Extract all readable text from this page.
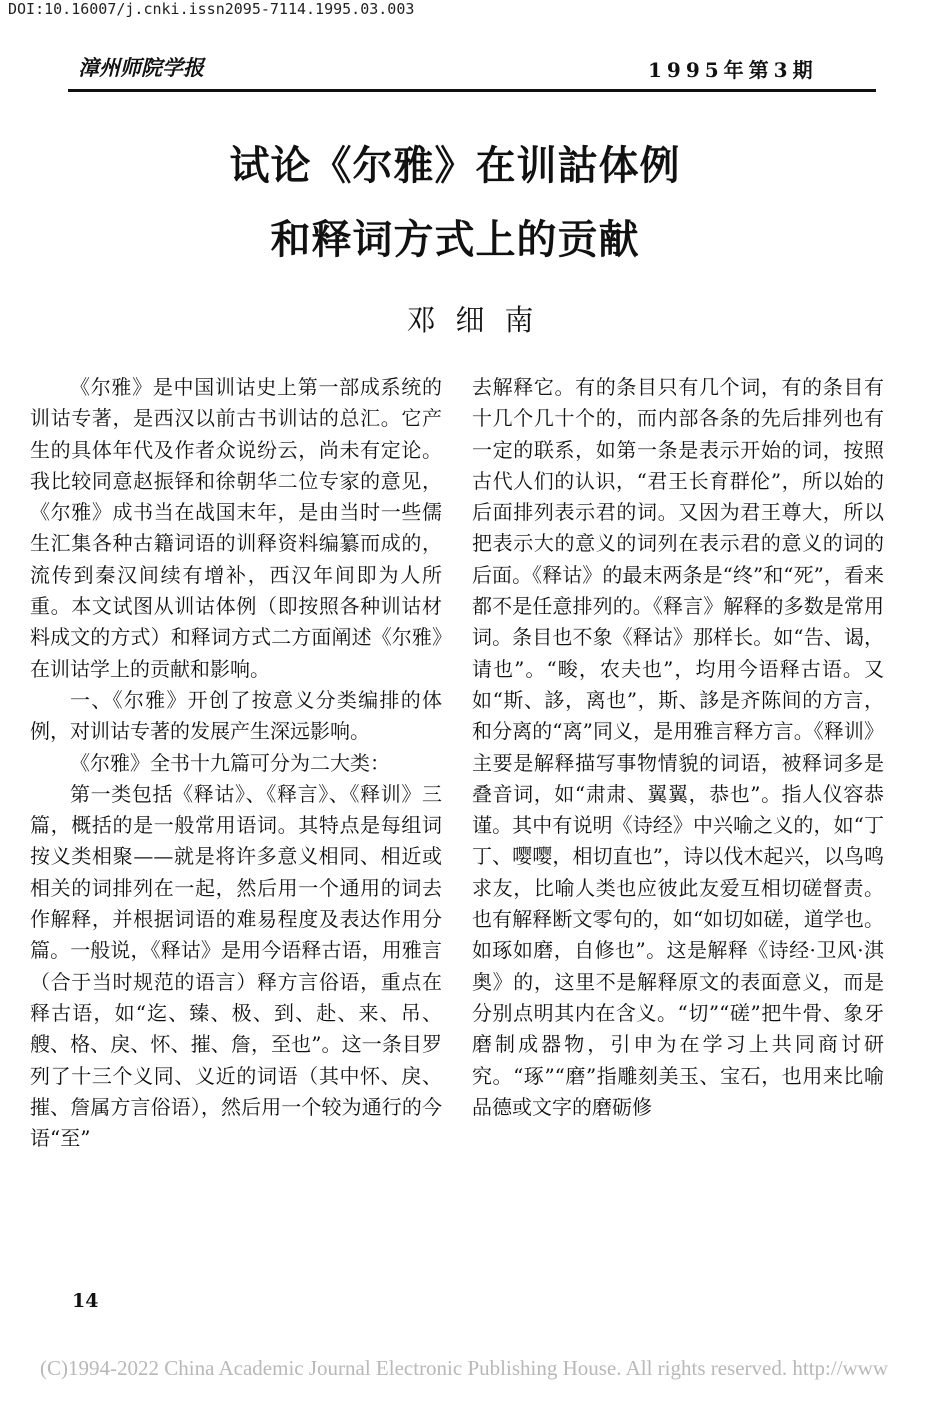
DOI:10.16007/j.cnki.issn2095-7114.1995.03.003
漳州师院学报	1995年第3期
试论《尔雅》在训詁体例
和释词方式上的贡献
邓细南

《尔雅》是中国训诂史上第一部成系统的训诂专著，是西汉以前古书训诂的总汇。它产生的具体年代及作者众说纷云，尚未有定论。我比较同意赵振铎和徐朝华二位专家的意见，《尔雅》成书当在战国末年，是由当时一些儒生汇集各种古籍词语的训释资料编纂而成的，流传到秦汉间续有增补，西汉年间即为人所重。本文试图从训诂体例（即按照各种训诂材料成文的方式）和释词方式二方面阐述《尔雅》在训诂学上的贡献和影响。

一、《尔雅》开创了按意义分类编排的体例，对训诂专著的发展产生深远影响。

《尔雅》全书十九篇可分为二大类：

第一类包括《释诂》、《释言》、《释训》三篇，概括的是一般常用语词。其特点是每组词按义类相聚——就是将许多意义相同、相近或相关的词排列在一起，然后用一个通用的词去作解释，并根据词语的难易程度及表达作用分篇。一般说，《释诂》是用今语释古语，用雅言（合于当时规范的语言）释方言俗语，重点在释古语，如“迄、臻、极、到、赴、来、吊、艘、格、戾、怀、摧、詹，至也”。这一条目罗列了十三个义同、义近的词语（其中怀、戾、摧、詹属方言俗语），然后用一个较为通行的今语“至”

去解释它。有的条目只有几个词，有的条目有十几个几十个的，而内部各条的先后排列也有一定的联系，如第一条是表示开始的词，按照古代人们的认识，“君王长育群伦”，所以始的后面排列表示君的词。又因为君王尊大，所以把表示大的意义的词列在表示君的意义的词的后面。《释诂》的最末两条是“终”和“死”，看来都不是任意排列的。《释言》解释的多数是常用词。条目也不象《释诂》那样长。如“告、谒，请也”。“畯，农夫也”，均用今语释古语。又如“斯、誃，离也”，斯、誃是齐陈间的方言，和分离的“离”同义，是用雅言释方言。《释训》主要是解释描写事物情貌的词语，被释词多是叠音词，如“肃肃、翼翼，恭也”。指人仪容恭谨。其中有说明《诗经》中兴喻之义的，如“丁丁、嘤嘤，相切直也”，诗以伐木起兴，以鸟鸣求友，比喻人类也应彼此友爱互相切磋督责。也有解释断文零句的，如“如切如磋，道学也。如琢如磨，自修也”。这是解释《诗经·卫风·淇奥》的，这里不是解释原文的表面意义，而是分别点明其内在含义。“切”“磋”把牛骨、象牙磨制成器物，引申为在学习上共同商讨研究。“琢”“磨”指雕刻美玉、宝石，也用来比喻品德或文字的磨砺修

14
(C)1994-2022 China Academic Journal Electronic Publishing House. All rights reserved. http://www
